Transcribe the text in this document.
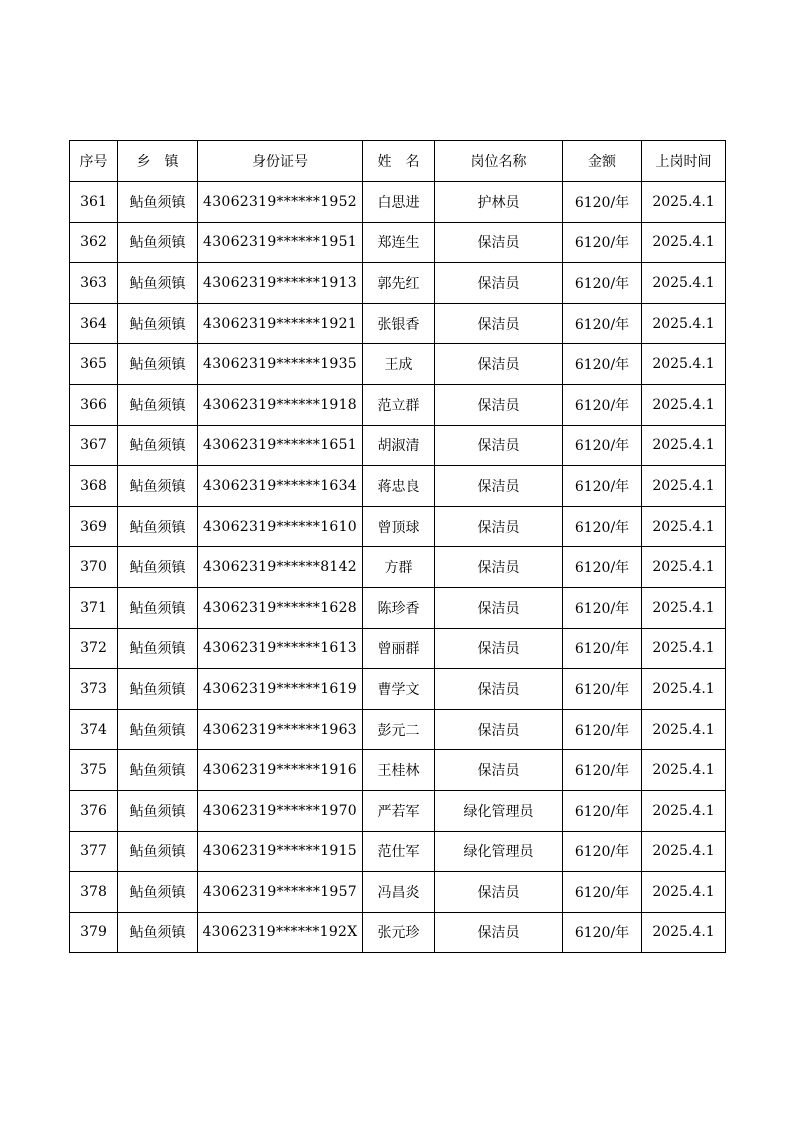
序号	乡　镇	身份证号	姓　名	岗位名称	金额	上岗时间
361	鲇鱼须镇	43062319******1952	白思进	护林员	6120/年	2025.4.1
362	鲇鱼须镇	43062319******1951	郑连生	保洁员	6120/年	2025.4.1
363	鲇鱼须镇	43062319******1913	郭先红	保洁员	6120/年	2025.4.1
364	鲇鱼须镇	43062319******1921	张银香	保洁员	6120/年	2025.4.1
365	鲇鱼须镇	43062319******1935	王成	保洁员	6120/年	2025.4.1
366	鲇鱼须镇	43062319******1918	范立群	保洁员	6120/年	2025.4.1
367	鲇鱼须镇	43062319******1651	胡淑清	保洁员	6120/年	2025.4.1
368	鲇鱼须镇	43062319******1634	蒋忠良	保洁员	6120/年	2025.4.1
369	鲇鱼须镇	43062319******1610	曾顶球	保洁员	6120/年	2025.4.1
370	鲇鱼须镇	43062319******8142	方群	保洁员	6120/年	2025.4.1
371	鲇鱼须镇	43062319******1628	陈珍香	保洁员	6120/年	2025.4.1
372	鲇鱼须镇	43062319******1613	曾丽群	保洁员	6120/年	2025.4.1
373	鲇鱼须镇	43062319******1619	曹学文	保洁员	6120/年	2025.4.1
374	鲇鱼须镇	43062319******1963	彭元二	保洁员	6120/年	2025.4.1
375	鲇鱼须镇	43062319******1916	王桂林	保洁员	6120/年	2025.4.1
376	鲇鱼须镇	43062319******1970	严若军	绿化管理员	6120/年	2025.4.1
377	鲇鱼须镇	43062319******1915	范仕军	绿化管理员	6120/年	2025.4.1
378	鲇鱼须镇	43062319******1957	冯昌炎	保洁员	6120/年	2025.4.1
379	鲇鱼须镇	43062319******192X	张元珍	保洁员	6120/年	2025.4.1
